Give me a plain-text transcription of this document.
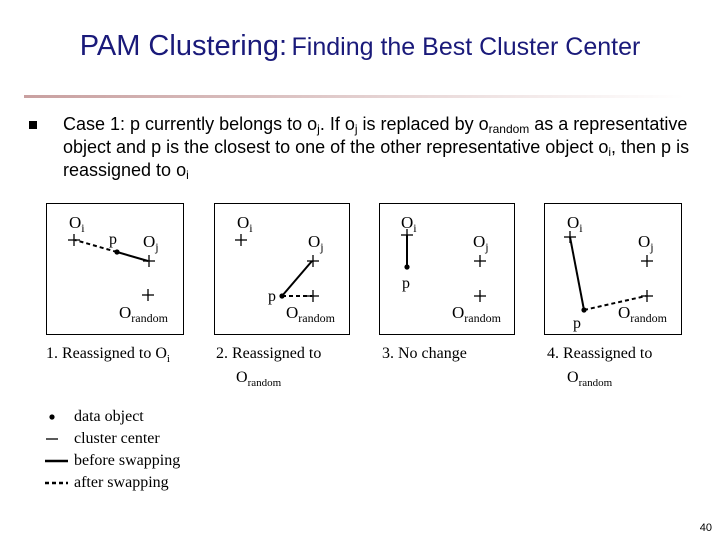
PAM Clustering: Finding the Best Cluster Center
Case 1: p currently belongs to $o_j$. If $o_j$ is replaced by $o_{random}$ as a representative object and p is the closest to one of the other representative object $o_i$, then p is reassigned to $o_i$
$O_i$
p $O_j$
$O_{random}$
$O_i$
$O_j$
p
$O_{random}$
$O_i$
$O_j$
p
$O_{random}$
$O_i$
$O_j$
$O_{random}$
p
1. Reassigned to $O_i$	2. Reassigned to
$O_{random}$
3. No change	4. Reassigned to
$O_{random}$
data object
cluster center
before swapping
after swapping
40
